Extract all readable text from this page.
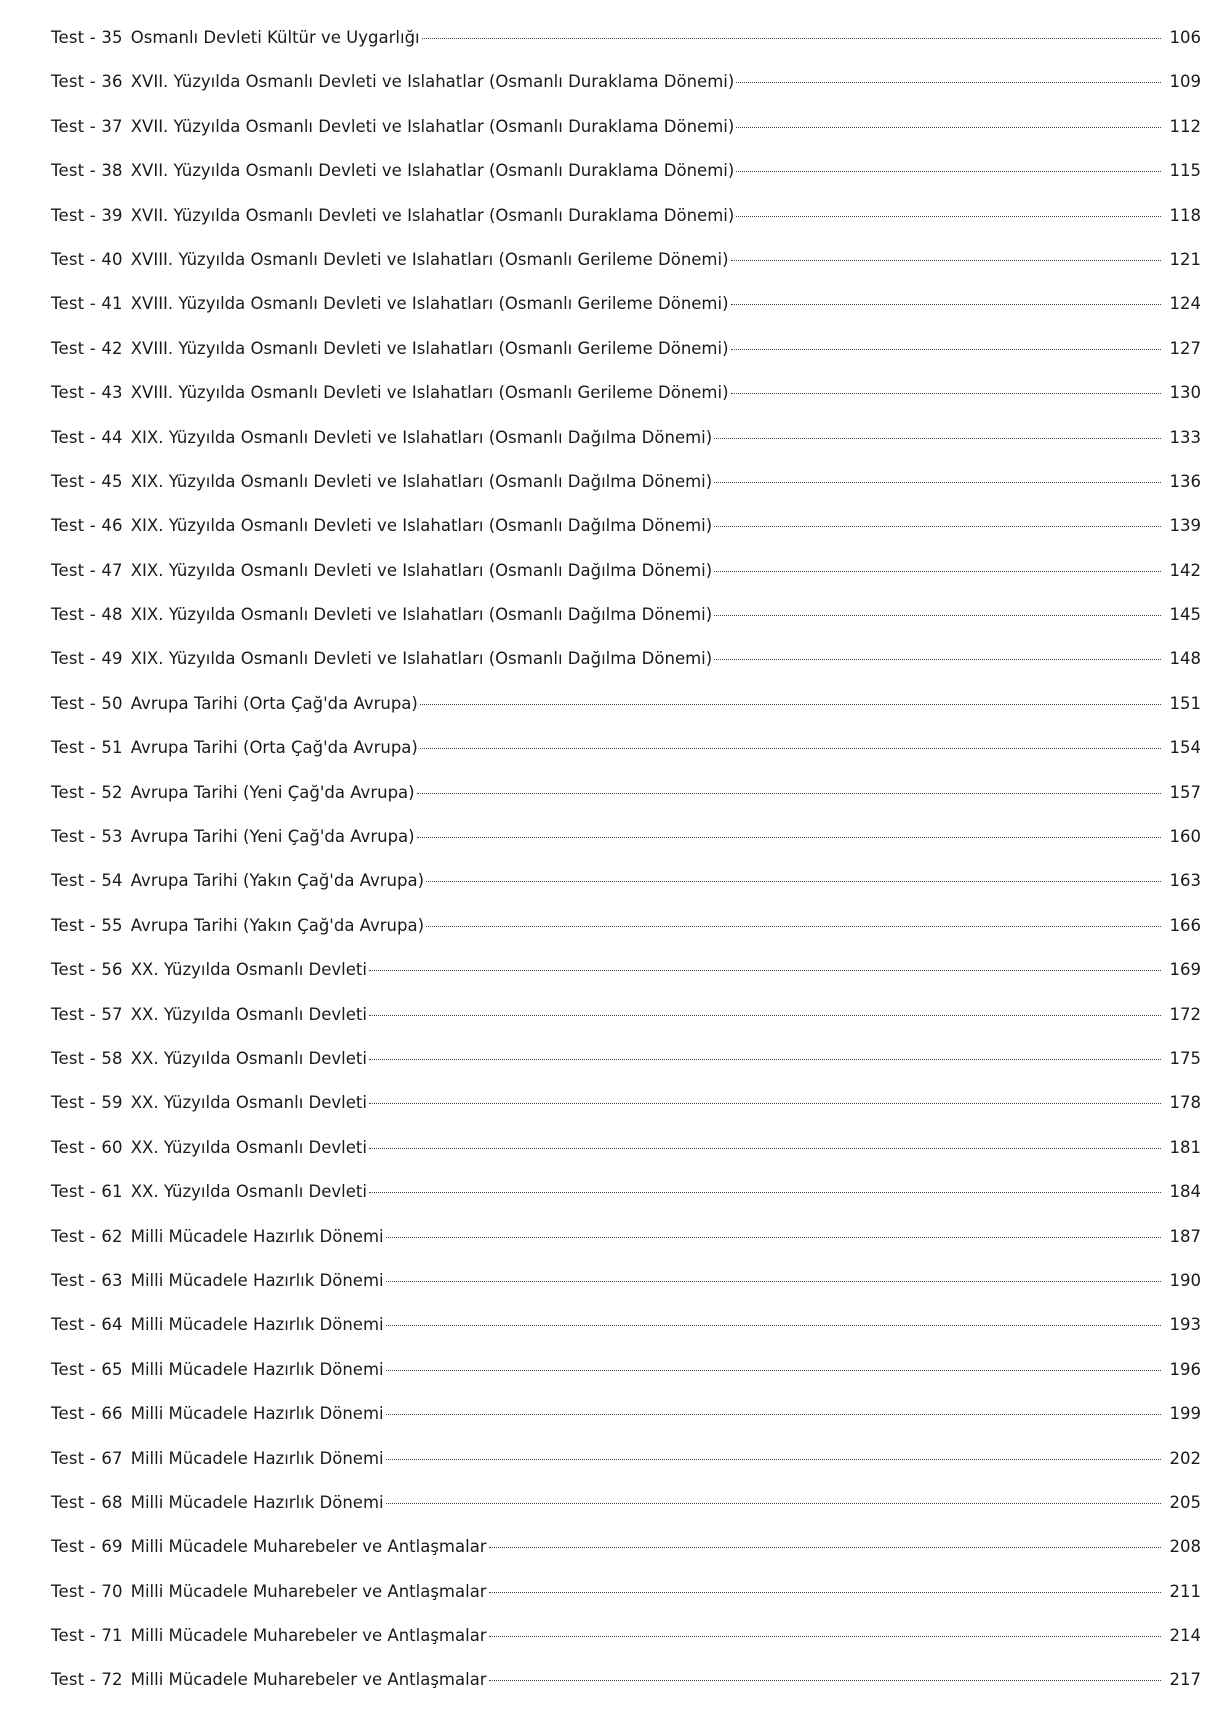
Test - 35 Osmanlı Devleti Kültür ve Uygarlığı	106
Test - 36 XVII. Yüzyılda Osmanlı Devleti ve Islahatlar (Osmanlı Duraklama Dönemi)	109
Test - 37 XVII. Yüzyılda Osmanlı Devleti ve Islahatlar (Osmanlı Duraklama Dönemi)	112
Test - 38 XVII. Yüzyılda Osmanlı Devleti ve Islahatlar (Osmanlı Duraklama Dönemi)	115
Test - 39 XVII. Yüzyılda Osmanlı Devleti ve Islahatlar (Osmanlı Duraklama Dönemi)	118
Test - 40 XVIII. Yüzyılda Osmanlı Devleti ve Islahatları (Osmanlı Gerileme Dönemi)	121
Test - 41 XVIII. Yüzyılda Osmanlı Devleti ve Islahatları (Osmanlı Gerileme Dönemi)	124
Test - 42 XVIII. Yüzyılda Osmanlı Devleti ve Islahatları (Osmanlı Gerileme Dönemi)	127
Test - 43 XVIII. Yüzyılda Osmanlı Devleti ve Islahatları (Osmanlı Gerileme Dönemi)	130
Test - 44 XIX. Yüzyılda Osmanlı Devleti ve Islahatları (Osmanlı Dağılma Dönemi)	133
Test - 45 XIX. Yüzyılda Osmanlı Devleti ve Islahatları (Osmanlı Dağılma Dönemi)	136
Test - 46 XIX. Yüzyılda Osmanlı Devleti ve Islahatları (Osmanlı Dağılma Dönemi)	139
Test - 47 XIX. Yüzyılda Osmanlı Devleti ve Islahatları (Osmanlı Dağılma Dönemi)	142
Test - 48 XIX. Yüzyılda Osmanlı Devleti ve Islahatları (Osmanlı Dağılma Dönemi)	145
Test - 49 XIX. Yüzyılda Osmanlı Devleti ve Islahatları (Osmanlı Dağılma Dönemi)	148
Test - 50 Avrupa Tarihi (Orta Çağ'da Avrupa)	151
Test - 51 Avrupa Tarihi (Orta Çağ'da Avrupa)	154
Test - 52 Avrupa Tarihi (Yeni Çağ'da Avrupa)	157
Test - 53 Avrupa Tarihi (Yeni Çağ'da Avrupa)	160
Test - 54 Avrupa Tarihi (Yakın Çağ'da Avrupa)	163
Test - 55 Avrupa Tarihi (Yakın Çağ'da Avrupa)	166
Test - 56 XX. Yüzyılda Osmanlı Devleti	169
Test - 57 XX. Yüzyılda Osmanlı Devleti	172
Test - 58 XX. Yüzyılda Osmanlı Devleti	175
Test - 59 XX. Yüzyılda Osmanlı Devleti	178
Test - 60 XX. Yüzyılda Osmanlı Devleti	181
Test - 61 XX. Yüzyılda Osmanlı Devleti	184
Test - 62 Milli Mücadele Hazırlık Dönemi	187
Test - 63 Milli Mücadele Hazırlık Dönemi	190
Test - 64 Milli Mücadele Hazırlık Dönemi	193
Test - 65 Milli Mücadele Hazırlık Dönemi	196
Test - 66 Milli Mücadele Hazırlık Dönemi	199
Test - 67 Milli Mücadele Hazırlık Dönemi	202
Test - 68 Milli Mücadele Hazırlık Dönemi	205
Test - 69 Milli Mücadele Muharebeler ve Antlaşmalar	208
Test - 70 Milli Mücadele Muharebeler ve Antlaşmalar	211
Test - 71 Milli Mücadele Muharebeler ve Antlaşmalar	214
Test - 72 Milli Mücadele Muharebeler ve Antlaşmalar	217
